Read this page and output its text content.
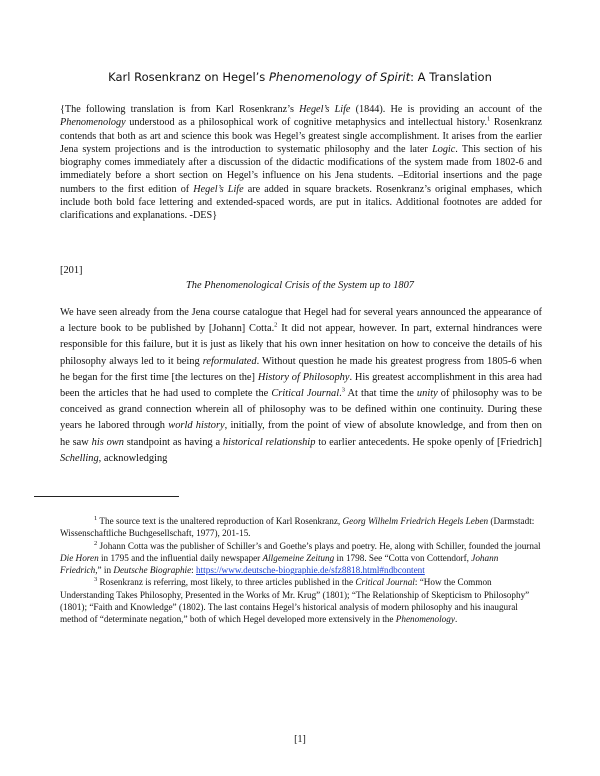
Karl Rosenkranz on Hegel’s Phenomenology of Spirit: A Translation

{The following translation is from Karl Rosenkranz’s Hegel’s Life (1844). He is providing an account of the Phenomenology understood as a philosophical work of cognitive metaphysics and intellectual history.$^1$ Rosenkranz contends that both as art and science this book was Hegel’s greatest single accomplishment. It arises from the earlier Jena system projections and is the introduction to systematic philosophy and the later Logic. This section of his biography comes immediately after a discussion of the didactic modifications of the system made from 1802-6 and immediately before a short section on Hegel’s influence on his Jena students. –Editorial insertions and the page numbers to the first edition of Hegel’s Life are added in square brackets. Rosenkranz’s original emphases, which include both bold face lettering and extended-spaced words, are put in italics. Additional footnotes are added for clarifications and explanations. -DES}

[201]
The Phenomenological Crisis of the System up to 1807

We have seen already from the Jena course catalogue that Hegel had for several years announced the appearance of a lecture book to be published by [Johann] Cotta.$^2$ It did not appear, however. In part, external hindrances were responsible for this failure, but it is just as likely that his own inner hesitation on how to conceive the details of his philosophy always led to it being reformulated. Without question he made his greatest progress from 1805-6 when he began for the first time [the lectures on the] History of Philosophy. His greatest accomplishment in this area had been the articles that he had used to complete the Critical Journal.$^3$ At that time the unity of philosophy was to be conceived as grand connection wherein all of philosophy was to be defined within one continuity. During these years he labored through world history, initially, from the point of view of absolute knowledge, and from then on he saw his own standpoint as having a historical relationship to earlier antecedents. He spoke openly of [Friedrich] Schelling, acknowledging

$^1$ The source text is the unaltered reproduction of Karl Rosenkranz, Georg Wilhelm Friedrich Hegels Leben (Darmstadt: Wissenschaftliche Buchgesellschaft, 1977), 201-15.

$^2$ Johann Cotta was the publisher of Schiller’s and Goethe’s plays and poetry. He, along with Schiller, founded the journal Die Horen in 1795 and the influential daily newspaper Allgemeine Zeitung in 1798. See “Cotta von Cottendorf, Johann Friedrich,” in Deutsche Biographie: https://www.deutsche-biographie.de/sfz8818.html#ndbcontent

$^3$ Rosenkranz is referring, most likely, to three articles published in the Critical Journal: “How the Common Understanding Takes Philosophy, Presented in the Works of Mr. Krug” (1801); “The Relationship of Skepticism to Philosophy” (1801); “Faith and Knowledge” (1802). The last contains Hegel’s historical analysis of modern philosophy and his inaugural method of “determinate negation,” both of which Hegel developed more extensively in the Phenomenology.

[1]
